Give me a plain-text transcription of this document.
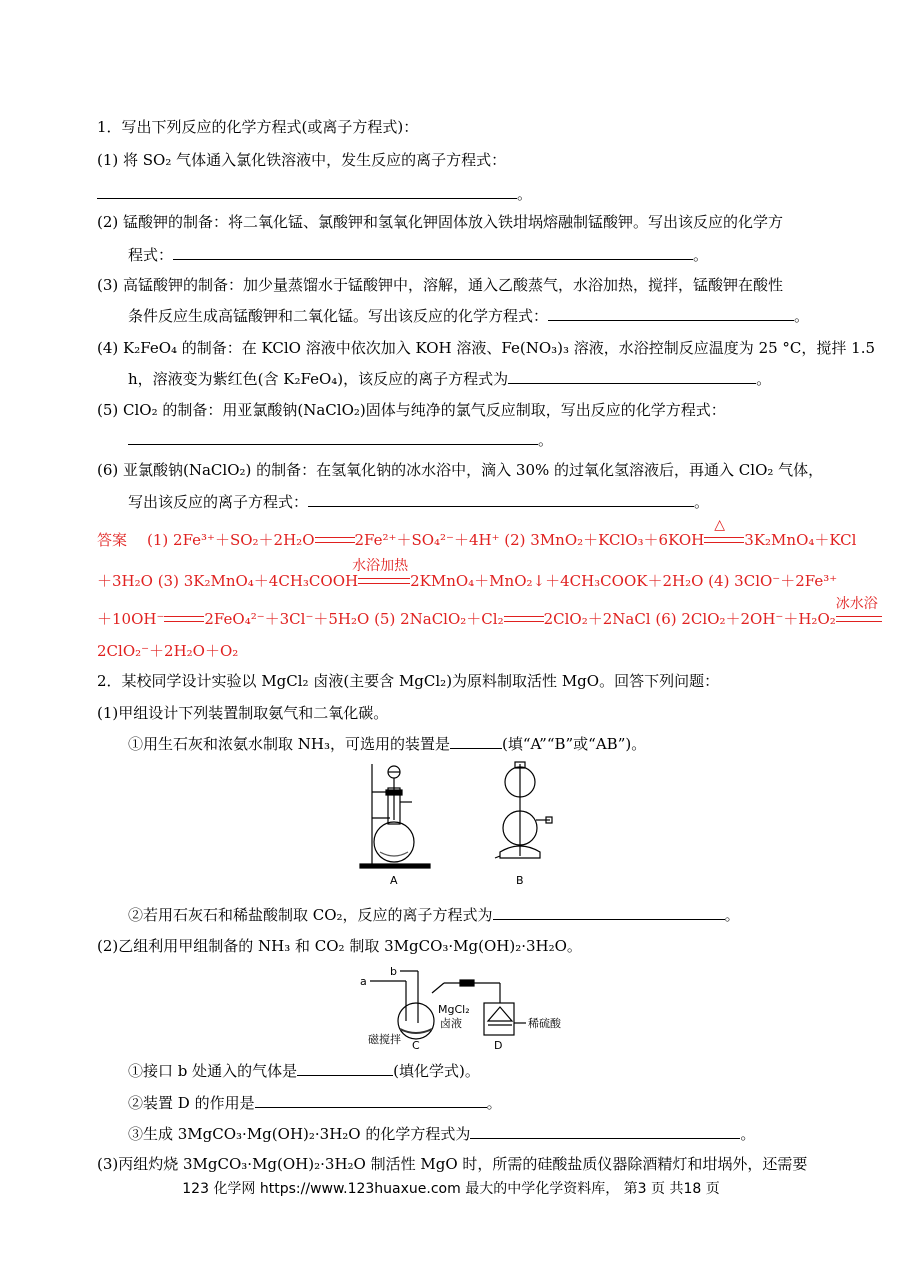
1．写出下列反应的化学方程式(或离子方程式)：
(1) 将 SO₂ 气体通入氯化铁溶液中，发生反应的离子方程式：
。
(2) 锰酸钾的制备：将二氧化锰、氯酸钾和氢氧化钾固体放入铁坩埚熔融制锰酸钾。写出该反应的化学方
程式：	。
(3) 高锰酸钾的制备：加少量蒸馏水于锰酸钾中，溶解，通入乙酸蒸气，水浴加热，搅拌，锰酸钾在酸性
条件反应生成高锰酸钾和二氧化锰。写出该反应的化学方程式：	。
(4) K₂FeO₄ 的制备：在 KClO 溶液中依次加入 KOH 溶液、Fe(NO₃)₃ 溶液，水浴控制反应温度为 25 °C，搅拌 1.5
h，溶液变为紫红色(含 K₂FeO₄)，该反应的离子方程式为	。
(5) ClO₂ 的制备：用亚氯酸钠(NaClO₂)固体与纯净的氯气反应制取，写出反应的化学方程式：
。
(6) 亚氯酸钠(NaClO₂) 的制备：在氢氧化钠的冰水浴中，滴入 30% 的过氧化氢溶液后，再通入 ClO₂ 气体，
写出该反应的离子方程式：	。
答案 (1) 2Fe³⁺＋SO₂＋2H₂O	2Fe²⁺＋SO₄²⁻＋4H⁺ (2) 3MnO₂＋KClO₃＋6KOH
△
3K₂MnO₄＋KCl
＋3H₂O (3) 3K₂MnO₄＋4CH₃COOH
水浴加热
2KMnO₄＋MnO₂↓＋4CH₃COOK＋2H₂O (4) 3ClO⁻＋2Fe³⁺
＋10OH⁻	2FeO₄²⁻＋3Cl⁻＋5H₂O (5) 2NaClO₂＋Cl₂	2ClO₂＋2NaCl (6) 2ClO₂＋2OH⁻＋H₂O₂
冰水浴
2ClO₂⁻＋2H₂O＋O₂
2．某校同学设计实验以 MgCl₂ 卤液(主要含 MgCl₂)为原料制取活性 MgO。回答下列问题：
(1)甲组设计下列装置制取氨气和二氧化碳。
①用生石灰和浓氨水制取 NH₃，可选用的装置是	(填“A”“B”或“AB”)。
A	B
②若用石灰石和稀盐酸制取 CO₂，反应的离子方程式为	。
(2)乙组利用甲组制备的 NH₃ 和 CO₂ 制取 3MgCO₃·Mg(OH)₂·3H₂O。
a
b
MgCl₂
卤液
磁搅拌 C
稀硫酸
D
①接口 b 处通入的气体是	(填化学式)。
②装置 D 的作用是	。
③生成 3MgCO₃·Mg(OH)₂·3H₂O 的化学方程式为	。
(3)丙组灼烧 3MgCO₃·Mg(OH)₂·3H₂O 制活性 MgO 时，所需的硅酸盐质仪器除酒精灯和坩埚外，还需要
123 化学网 https://www.123huaxue.com 最大的中学化学资料库， 第3 页 共18 页
